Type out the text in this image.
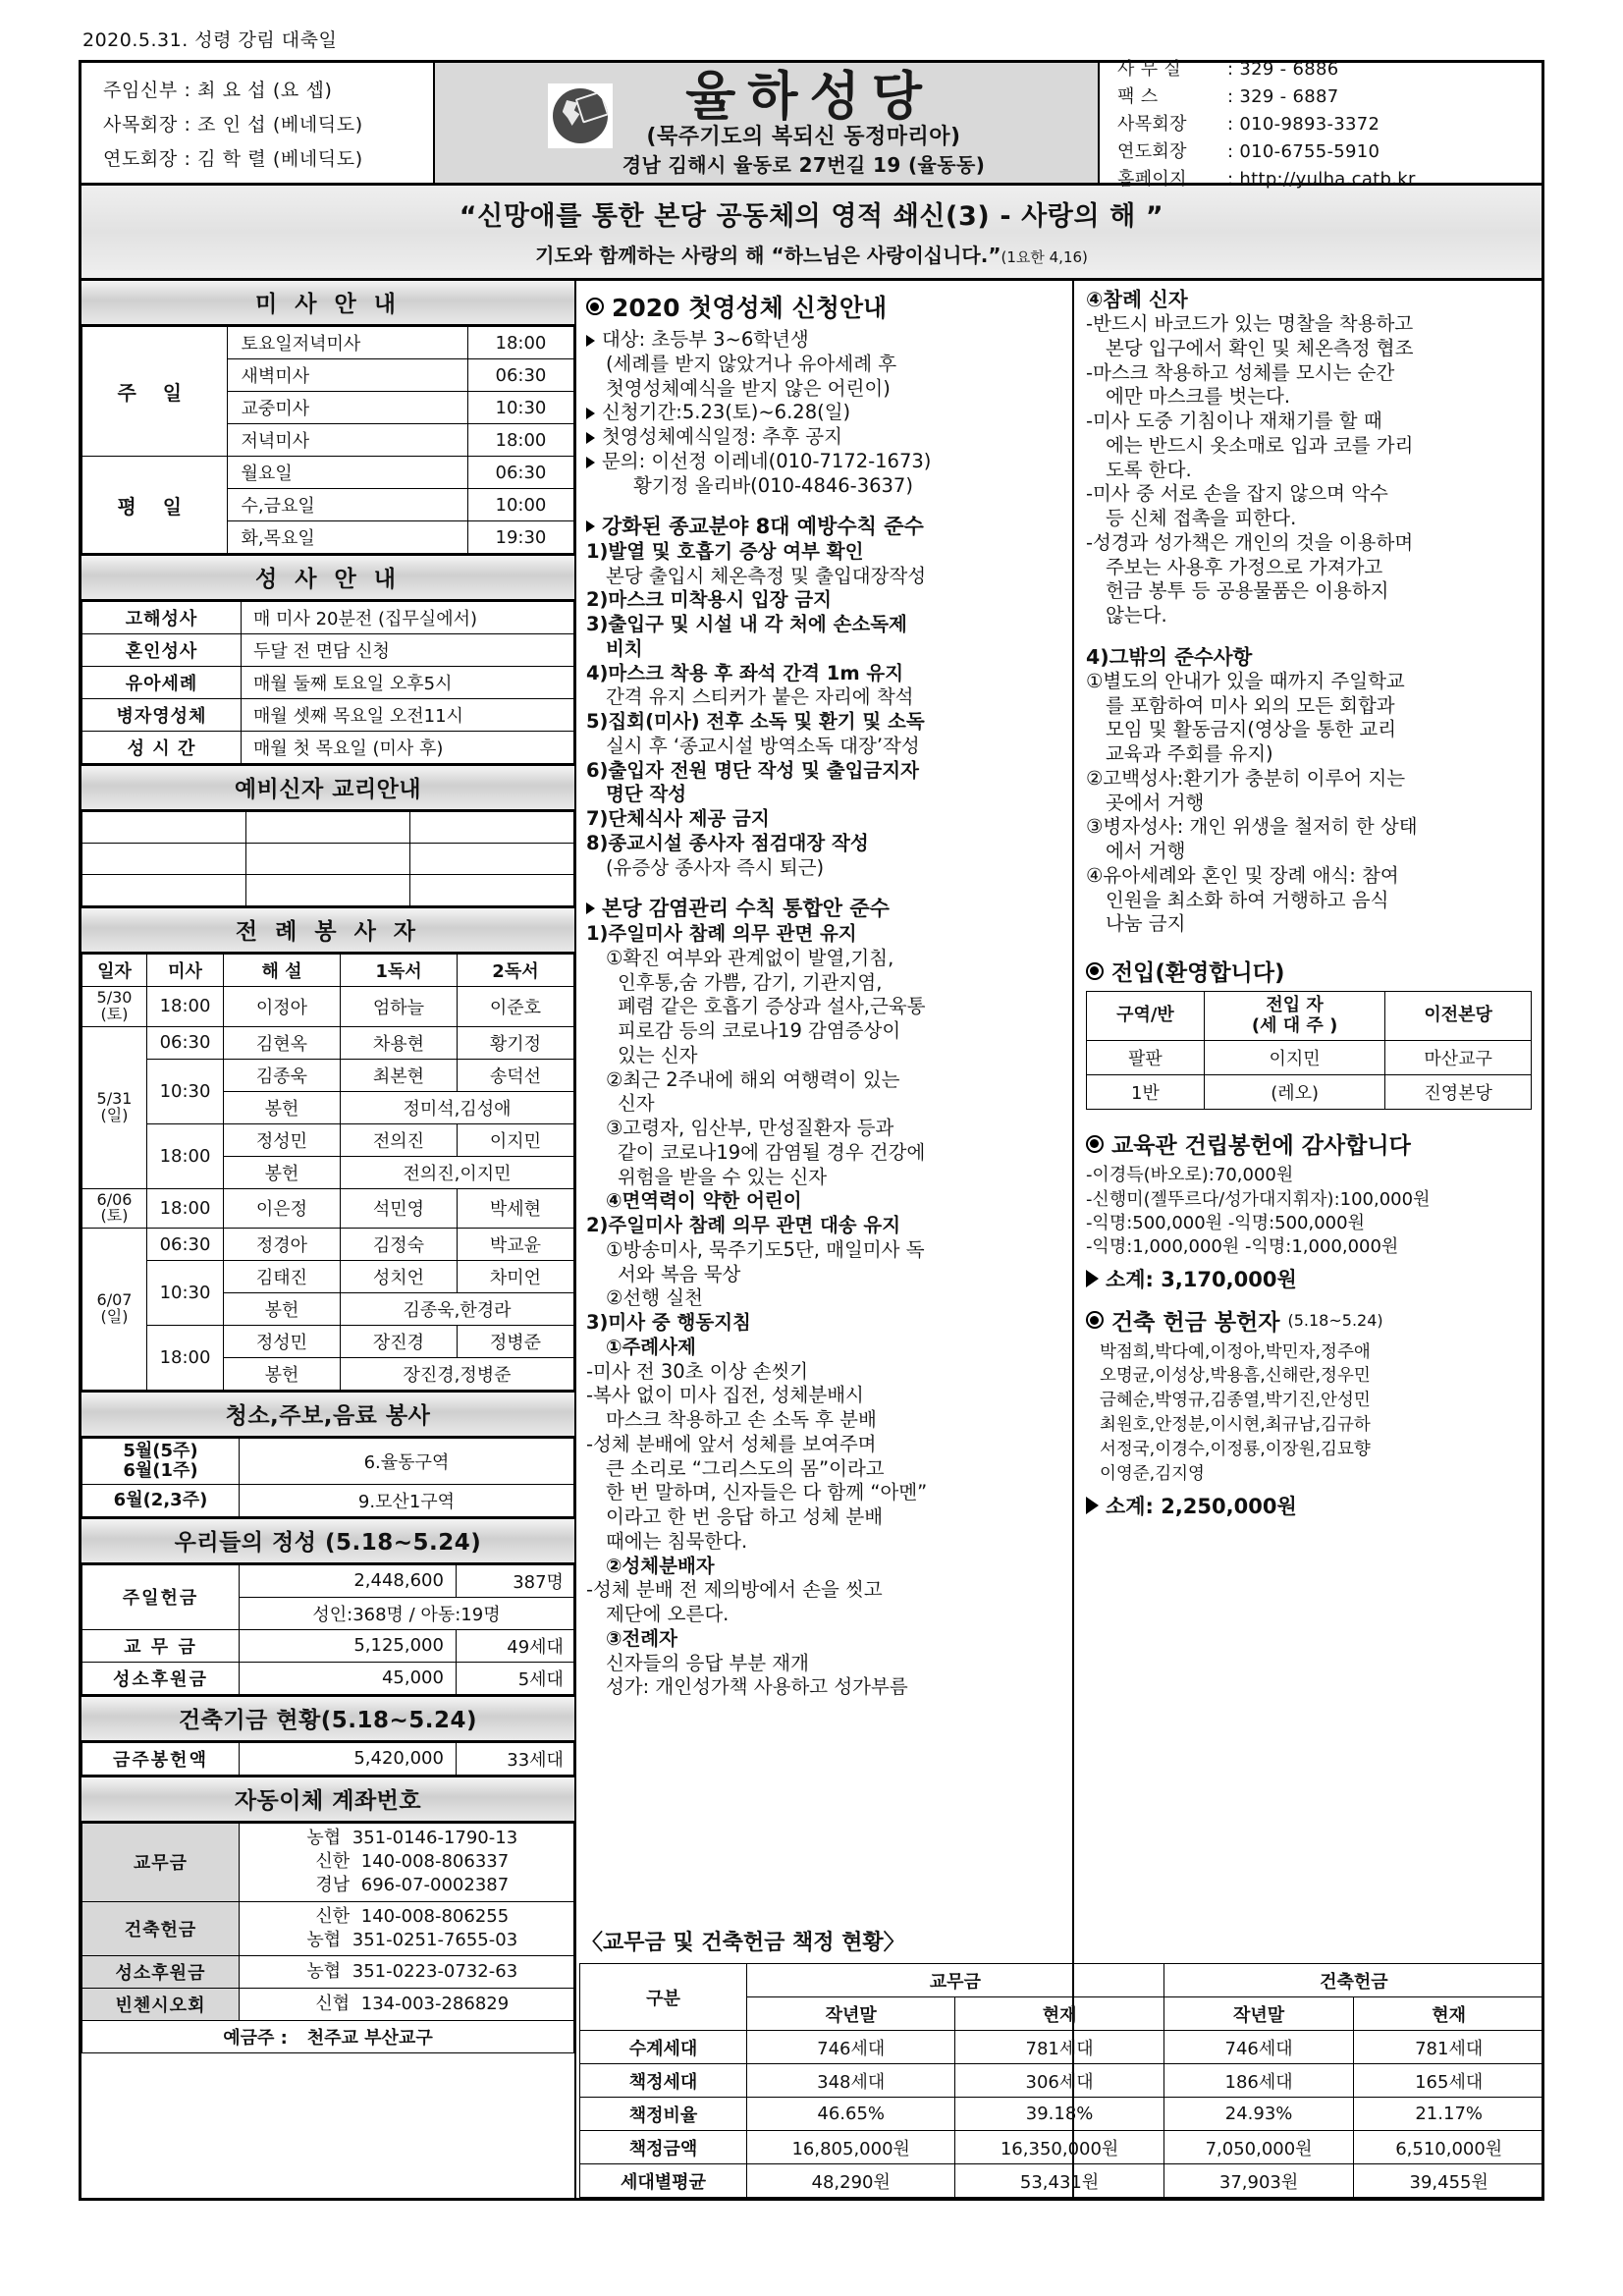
2020.5.31. 성령 강림 대축일
주임신부 : 최 요 섭 (요 셉)
사목회장 : 조 인 섭 (베네딕도)
연도회장 : 김 학 렬 (베네딕도)
율하성당
(묵주기도의 복되신 동정마리아)
경남 김해시 율동로 27번길 19 (율동동)
사 무 실	: 329 - 6886
팩 스	: 329 - 6887
사목회장 : 010-9893-3372
연도회장 : 010-6755-5910
홈페이지 : http://yulha.catb.kr
“신망애를 통한 본당 공동체의 영적 쇄신(3) - 사랑의 해 ”
기도와 함께하는 사랑의 해 “하느님은 사랑이십니다.”(1요한 4,16)
미 사 안 내
주 일	토요일저녁미사	18:00
	새벽미사	06:30
	교중미사	10:30
	저녁미사	18:00
평 일	월요일	06:30
	수,금요일	10:00
	화,목요일	19:30
성 사 안 내
고해성사	매 미사 20분전 (집무실에서)
혼인성사	두달 전 면담 신청
유아세례	매월 둘째 토요일 오후5시
병자영성체	매월 셋째 목요일 오전11시
성 시 간	매월 첫 목요일 (미사 후)
예비신자 교리안내

전 례 봉 사 자
일자	미사	해 설	1독서	2독서
5/30
(토)	18:00	이정아	엄하늘	이준호
5/31
(일)	06:30	김현옥	차용현	황기정
	10:30	김종욱	최본현	송덕선
		봉헌	정미석,김성애	
	18:00	정성민	전의진	이지민
		봉헌	전의진,이지민	
6/06
(토)	18:00	이은정	석민영	박세현
6/07
(일)	06:30	정경아	김정숙	박교윤
	10:30	김태진	성치언	차미언
		봉헌	김종욱,한경라	
	18:00	정성민	장진경	정병준
		봉헌	장진경,정병준	
청소,주보,음료 봉사
5월(5주)
6월(1주)	6.율동구역
6월(2,3주)	9.모산1구역
우리들의 정성 (5.18~5.24)
주일헌금	2,448,600	387명
	성인:368명 / 아동:19명	
교 무 금	5,125,000	49세대
성소후원금	45,000	5세대
건축기금 현황(5.18~5.24)
금주봉헌액	5,420,000	33세대
자동이체 계좌번호
교무금	농협 351-0146-1790-13
신한 140-008-806337
경남 696-07-0002387

건축헌금	신한 140-008-806255
농협 351-0251-7655-03

성소후원금	농협 351-0223-0732-63

빈첸시오회	신협 134-003-286829

예금주 : 천주교 부산교구	
2020 첫영성체 신청안내
대상: 초등부 3~6학년생
(세례를 받지 않았거나 유아세례 후
첫영성체예식을 받지 않은 어린이)
신청기간:5.23(토)~6.28(일)
첫영성체예식일정: 추후 공지
문의: 이선정 이레네(010-7172-1673)
황기정 올리바(010-4846-3637)
강화된 종교분야 8대 예방수칙 준수
1)발열 및 호흡기 증상 여부 확인
본당 출입시 체온측정 및 출입대장작성
2)마스크 미착용시 입장 금지
3)출입구 및 시설 내 각 처에 손소독제
비치
4)마스크 착용 후 좌석 간격 1m 유지
간격 유지 스티커가 붙은 자리에 착석
5)집회(미사) 전후 소독 및 환기 및 소독
실시 후 ‘종교시설 방역소독 대장’작성
6)출입자 전원 명단 작성 및 출입금지자
명단 작성
7)단체식사 제공 금지
8)종교시설 종사자 점검대장 작성
(유증상 종사자 즉시 퇴근)
본당 감염관리 수칙 통합안 준수
1)주일미사 참례 의무 관면 유지
①확진 여부와 관계없이 발열,기침,
인후통,숨 가쁨, 감기, 기관지염,
폐렴 같은 호흡기 증상과 설사,근육통
피로감 등의 코로나19 감염증상이
있는 신자
②최근 2주내에 해외 여행력이 있는
신자
③고령자, 임산부, 만성질환자 등과
같이 코로나19에 감염될 경우 건강에
위험을 받을 수 있는 신자
④면역력이 약한 어린이
2)주일미사 참례 의무 관면 대송 유지
①방송미사, 묵주기도5단, 매일미사 독
서와 복음 묵상
②선행 실천
3)미사 중 행동지침
①주례사제
-미사 전 30초 이상 손씻기
-복사 없이 미사 집전, 성체분배시
마스크 착용하고 손 소독 후 분배
-성체 분배에 앞서 성체를 보여주며
큰 소리로 “그리스도의 몸”이라고
한 번 말하며, 신자들은 다 함께 “아멘”
이라고 한 번 응답 하고 성체 분배
때에는 침묵한다.
②성체분배자
-성체 분배 전 제의방에서 손을 씻고
제단에 오른다.
③전례자
신자들의 응답 부분 재개
성가: 개인성가책 사용하고 성가부름
④참례 신자
-반드시 바코드가 있는 명찰을 착용하고
본당 입구에서 확인 및 체온측정 협조
-마스크 착용하고 성체를 모시는 순간
에만 마스크를 벗는다.
-미사 도중 기침이나 재채기를 할 때
에는 반드시 옷소매로 입과 코를 가리
도록 한다.
-미사 중 서로 손을 잡지 않으며 악수
등 신체 접촉을 피한다.
-성경과 성가책은 개인의 것을 이용하며
주보는 사용후 가정으로 가져가고
헌금 봉투 등 공용물품은 이용하지
않는다.
4)그밖의 준수사항
①별도의 안내가 있을 때까지 주일학교
를 포함하여 미사 외의 모든 회합과
모임 및 활동금지(영상을 통한 교리
교육과 주회를 유지)
②고백성사:환기가 충분히 이루어 지는
곳에서 거행
③병자성사: 개인 위생을 철저히 한 상태
에서 거행
④유아세례와 혼인 및 장례 애식: 참여
인원을 최소화 하여 거행하고 음식
나눔 금지
전입(환영합니다)
구역/반	전입 자
(세 대 주 )	이전본당
팔판	이지민	마산교구
1반	(레오)	진영본당
교육관 건립봉헌에 감사합니다
-이경득(바오로):70,000원
-신행미(젤뚜르다/성가대지휘자):100,000원
-익명:500,000원 -익명:500,000원
-익명:1,000,000원 -익명:1,000,000원
소계: 3,170,000원
건축 헌금 봉헌자 (5.18~5.24)
박점희,박다예,이정아,박민자,정주애
오명균,이성상,박용흠,신해란,정우민
금혜순,박영규,김종열,박기진,안성민
최원호,안정분,이시현,최규남,김규하
서정국,이경수,이정룡,이장원,김묘향
이영준,김지영
소계: 2,250,000원
〈교무금 및 건축헌금 책정 현황〉
구분	교무금		건축헌금	
	작년말	현재	작년말	현재
수계세대	746세대	781세대	746세대	781세대
책정세대	348세대	306세대	186세대	165세대
책정비율	46.65%	39.18%	24.93%	21.17%
책정금액	16,805,000원	16,350,000원	7,050,000원	6,510,000원
세대별평균	48,290원	53,431원	37,903원	39,455원
